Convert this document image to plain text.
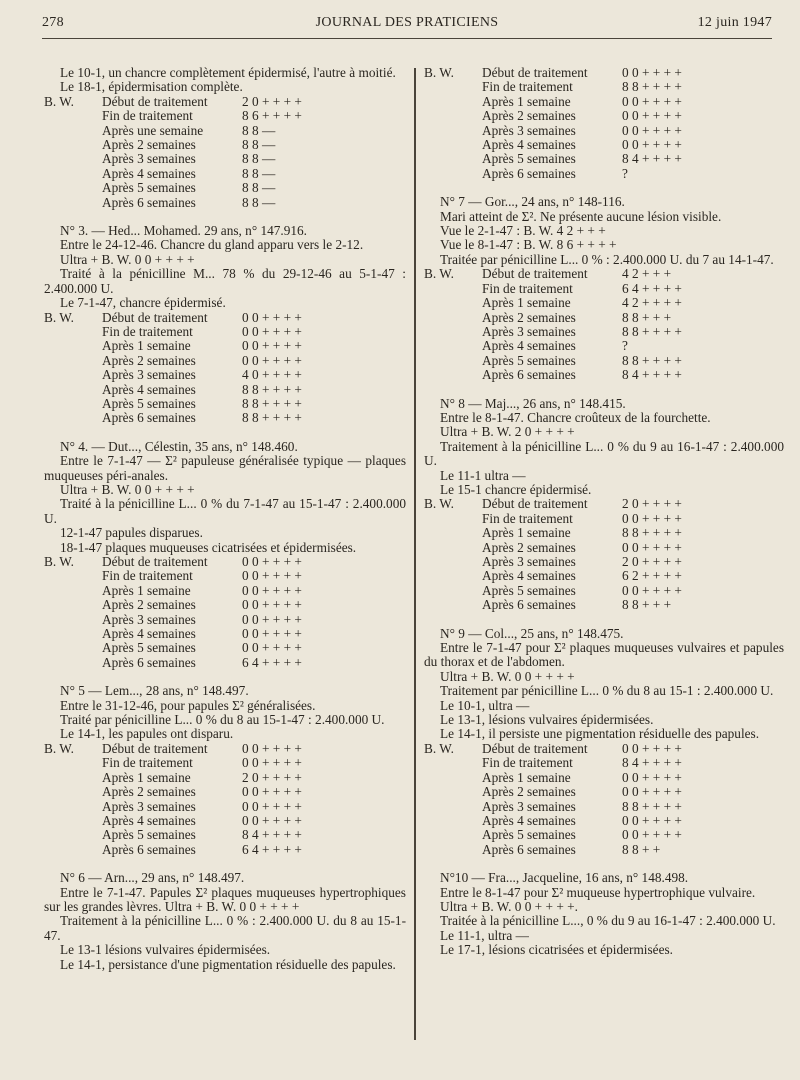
278	JOURNAL DES PRATICIENS	12 juin 1947

Le 10-1, un chancre complètement épidermisé, l'autre à moitié.

Le 18-1, épidermisation complète.

B. W.	Début de traitement	2 0 + + + +
	Fin de traitement	8 6 + + + +
	Après une semaine	8 8 —
	Après 2 semaines	8 8 —
	Après 3 semaines	8 8 —
	Après 4 semaines	8 8 —
	Après 5 semaines	8 8 —
	Après 6 semaines	8 8 —

N° 3. — Hed... Mohamed. 29 ans, n° 147.916.

Entre le 24-12-46. Chancre du gland apparu vers le 2-12.

Ultra + B. W. 0 0 + + + +

Traité à la pénicilline M... 78 % du 29-12-46 au 5-1-47 : 2.400.000 U.

Le 7-1-47, chancre épidermisé.

B. W.	Début de traitement	0 0 + + + +
	Fin de traitement	0 0 + + + +
	Après 1 semaine	0 0 + + + +
	Après 2 semaines	0 0 + + + +
	Après 3 semaines	4 0 + + + +
	Après 4 semaines	8 8 + + + +
	Après 5 semaines	8 8 + + + +
	Après 6 semaines	8 8 + + + +

N° 4. — Dut..., Célestin, 35 ans, n° 148.460.

Entre le 7-1-47 — Σ² papuleuse généralisée typique — plaques muqueuses péri-anales.

Ultra + B. W. 0 0 + + + +

Traité à la pénicilline L... 0 % du 7-1-47 au 15-1-47 : 2.400.000 U.

12-1-47 papules disparues.

18-1-47 plaques muqueuses cicatrisées et épidermisées.

B. W.	Début de traitement	0 0 + + + +
	Fin de traitement	0 0 + + + +
	Après 1 semaine	0 0 + + + +
	Après 2 semaines	0 0 + + + +
	Après 3 semaines	0 0 + + + +
	Après 4 semaines	0 0 + + + +
	Après 5 semaines	0 0 + + + +
	Après 6 semaines	6 4 + + + +

N° 5 — Lem..., 28 ans, n° 148.497.

Entre le 31-12-46, pour papules Σ² généralisées.

Traité par pénicilline L... 0 % du 8 au 15-1-47 : 2.400.000 U.

Le 14-1, les papules ont disparu.

B. W.	Début de traitement	0 0 + + + +
	Fin de traitement	0 0 + + + +
	Après 1 semaine	2 0 + + + +
	Après 2 semaines	0 0 + + + +
	Après 3 semaines	0 0 + + + +
	Après 4 semaines	0 0 + + + +
	Après 5 semaines	8 4 + + + +
	Après 6 semaines	6 4 + + + +

N° 6 — Arn..., 29 ans, n° 148.497.

Entre le 7-1-47. Papules Σ² plaques muqueuses hypertrophiques sur les grandes lèvres. Ultra + B. W. 0 0 + + + +

Traitement à la pénicilline L... 0 % : 2.400.000 U. du 8 au 15-1-47.

Le 13-1 lésions vulvaires épidermisées.

Le 14-1, persistance d'une pigmentation résiduelle des papules.

B. W.	Début de traitement	0 0 + + + +
	Fin de traitement	8 8 + + + +
	Après 1 semaine	0 0 + + + +
	Après 2 semaines	0 0 + + + +
	Après 3 semaines	0 0 + + + +
	Après 4 semaines	0 0 + + + +
	Après 5 semaines	8 4 + + + +
	Après 6 semaines	?

N° 7 — Gor..., 24 ans, n° 148-116.

Mari atteint de Σ². Ne présente aucune lésion visible.

Vue le 2-1-47 : B. W. 4 2 + + +

Vue le 8-1-47 : B. W. 8 6 + + + +

Traitée par pénicilline L... 0 % : 2.400.000 U. du 7 au 14-1-47.

B. W.	Début de traitement	4 2 + + +
	Fin de traitement	6 4 + + + +
	Après 1 semaine	4 2 + + + +
	Après 2 semaines	8 8 + + +
	Après 3 semaines	8 8 + + + +
	Après 4 semaines	?
	Après 5 semaines	8 8 + + + +
	Après 6 semaines	8 4 + + + +

N° 8 — Maj..., 26 ans, n° 148.415.

Entre le 8-1-47. Chancre croûteux de la fourchette.

Ultra + B. W. 2 0 + + + +

Traitement à la pénicilline L... 0 % du 9 au 16-1-47 : 2.400.000 U.

Le 11-1 ultra —

Le 15-1 chancre épidermisé.

B. W.	Début de traitement	2 0 + + + +
	Fin de traitement	0 0 + + + +
	Après 1 semaine	8 8 + + + +
	Après 2 semaines	0 0 + + + +
	Après 3 semaines	2 0 + + + +
	Après 4 semaines	6 2 + + + +
	Après 5 semaines	0 0 + + + +
	Après 6 semaines	8 8 + + +

N° 9 — Col..., 25 ans, n° 148.475.

Entre le 7-1-47 pour Σ² plaques muqueuses vulvaires et papules du thorax et de l'abdomen.

Ultra + B. W. 0 0 + + + +

Traitement par pénicilline L... 0 % du 8 au 15-1 : 2.400.000 U.

Le 10-1, ultra —

Le 13-1, lésions vulvaires épidermisées.

Le 14-1, il persiste une pigmentation résiduelle des papules.

B. W.	Début de traitement	0 0 + + + +
	Fin de traitement	8 4 + + + +
	Après 1 semaine	0 0 + + + +
	Après 2 semaines	0 0 + + + +
	Après 3 semaines	8 8 + + + +
	Après 4 semaines	0 0 + + + +
	Après 5 semaines	0 0 + + + +
	Après 6 semaines	8 8 + +

N°10 — Fra..., Jacqueline, 16 ans, n° 148.498.

Entre le 8-1-47 pour Σ² muqueuse hypertrophique vulvaire.

Ultra + B. W. 0 0 + + + +.

Traitée à la pénicilline L..., 0 % du 9 au 16-1-47 : 2.400.000 U.

Le 11-1, ultra —

Le 17-1, lésions cicatrisées et épidermisées.
